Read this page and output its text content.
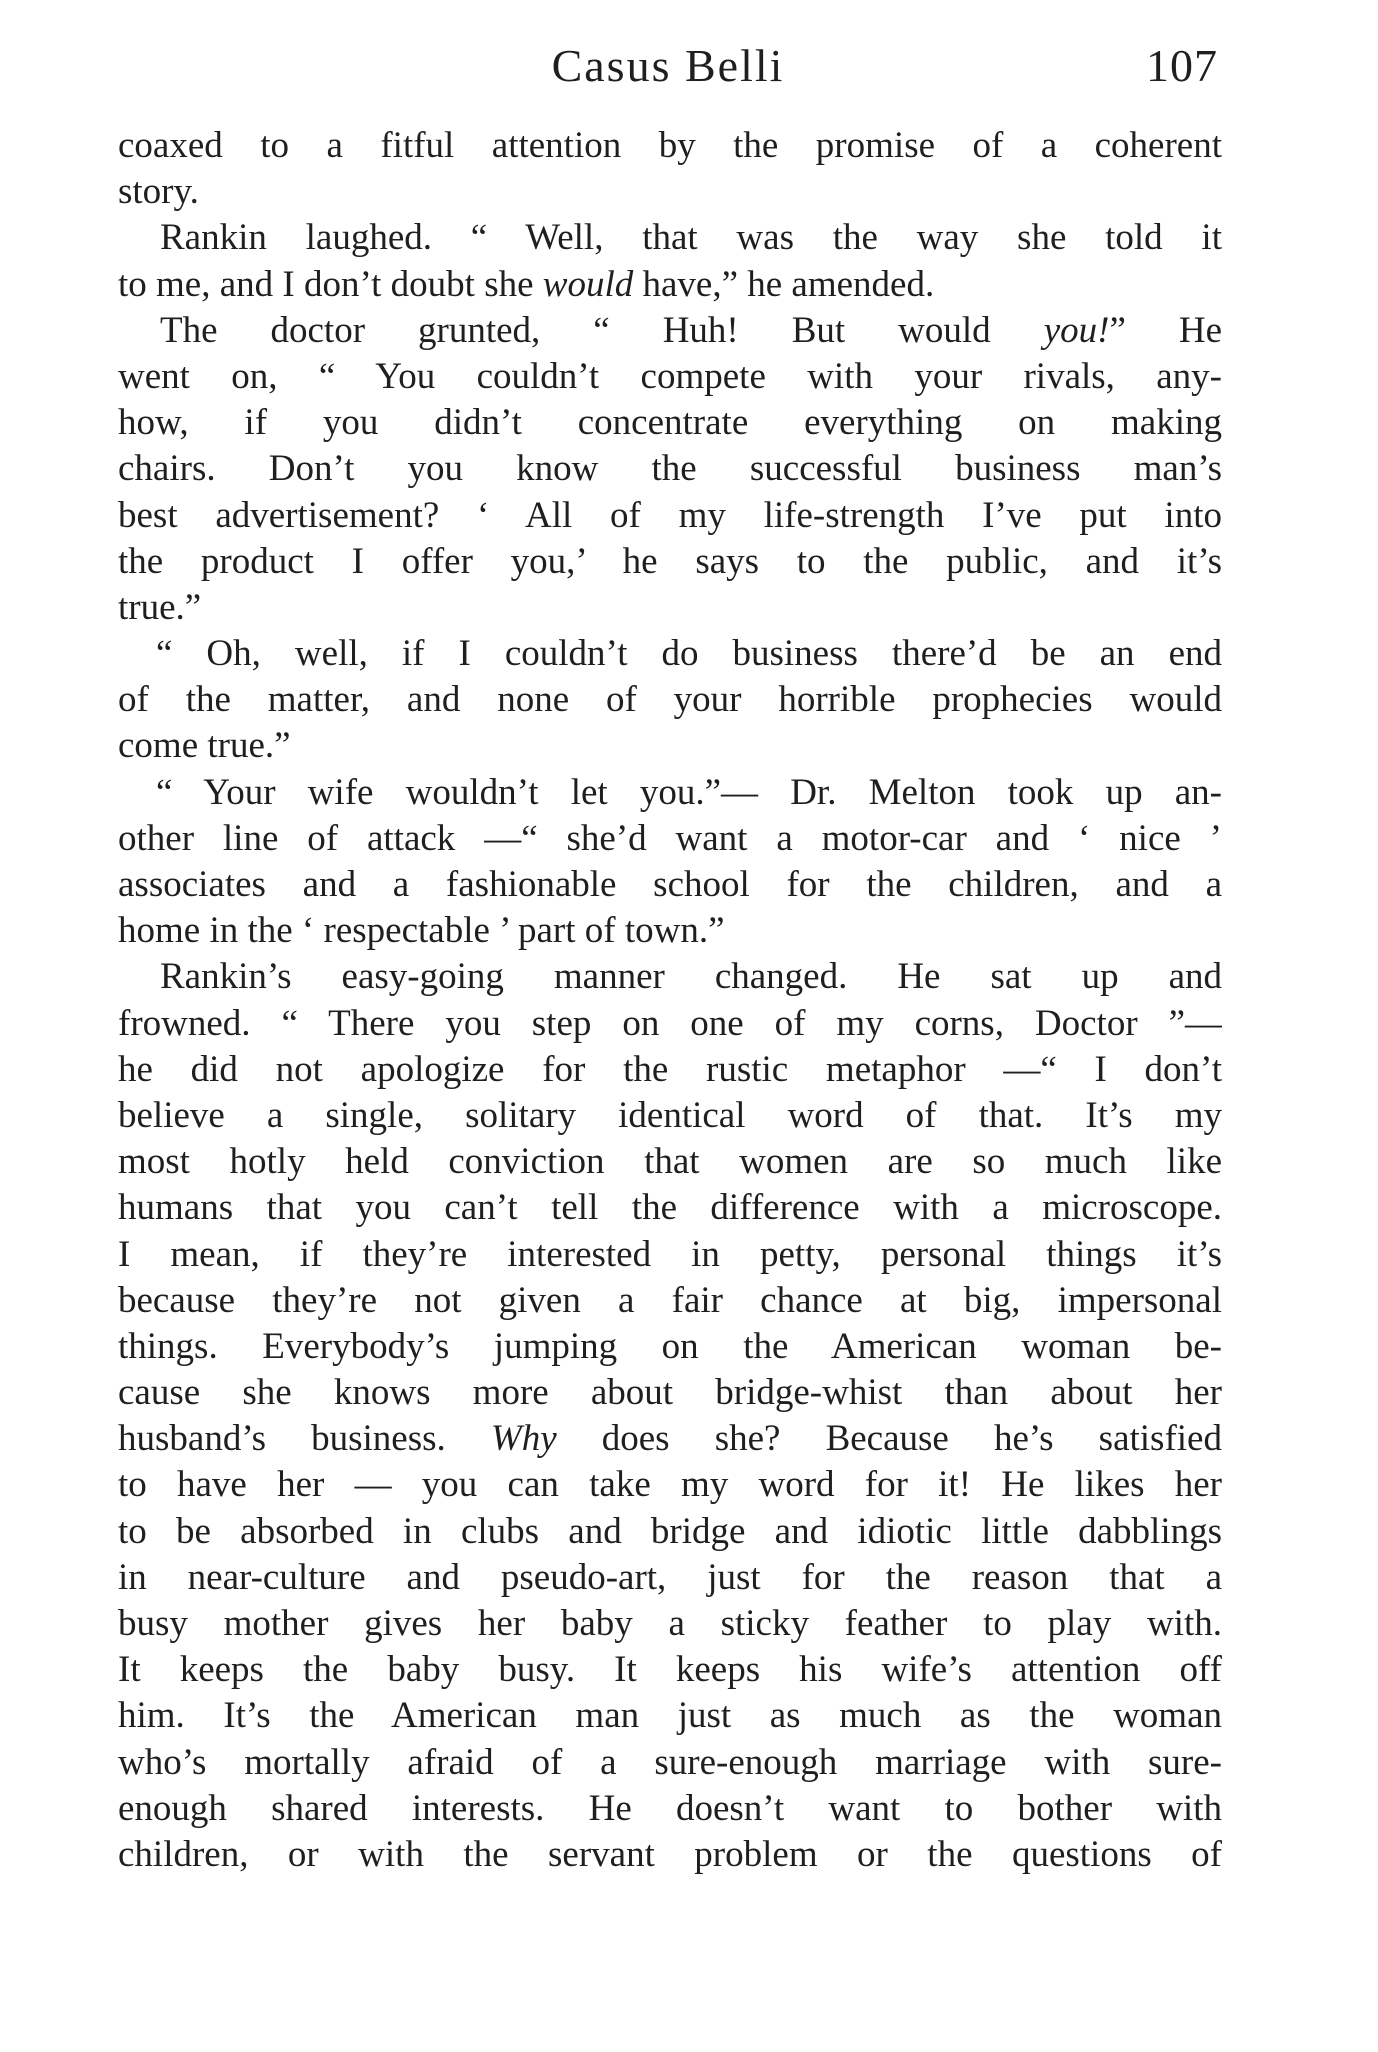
Casus Belli	107
coaxed to a fitful attention by the promise of a coherent
story.
Rankin laughed. “ Well, that was the way she told it
to me, and I don’t doubt she would have,” he amended.
The doctor grunted, “ Huh! But would you!” He
went on, “ You couldn’t compete with your rivals, any-
how, if you didn’t concentrate everything on making
chairs. Don’t you know the successful business man’s
best advertisement? ‘ All of my life-strength I’ve put into
the product I offer you,’ he says to the public, and it’s
true.”
“ Oh, well, if I couldn’t do business there’d be an end
of the matter, and none of your horrible prophecies would
come true.”
“ Your wife wouldn’t let you.”— Dr. Melton took up an-
other line of attack —“ she’d want a motor-car and ‘ nice ’
associates and a fashionable school for the children, and a
home in the ‘ respectable ’ part of town.”
Rankin’s easy-going manner changed. He sat up and
frowned. “ There you step on one of my corns, Doctor ”—
he did not apologize for the rustic metaphor —“ I don’t
believe a single, solitary identical word of that. It’s my
most hotly held conviction that women are so much like
humans that you can’t tell the difference with a microscope.
I mean, if they’re interested in petty, personal things it’s
because they’re not given a fair chance at big, impersonal
things. Everybody’s jumping on the American woman be-
cause she knows more about bridge-whist than about her
husband’s business. Why does she? Because he’s satisfied
to have her — you can take my word for it! He likes her
to be absorbed in clubs and bridge and idiotic little dabblings
in near-culture and pseudo-art, just for the reason that a
busy mother gives her baby a sticky feather to play with.
It keeps the baby busy. It keeps his wife’s attention off
him. It’s the American man just as much as the woman
who’s mortally afraid of a sure-enough marriage with sure-
enough shared interests. He doesn’t want to bother with
children, or with the servant problem or the questions of
